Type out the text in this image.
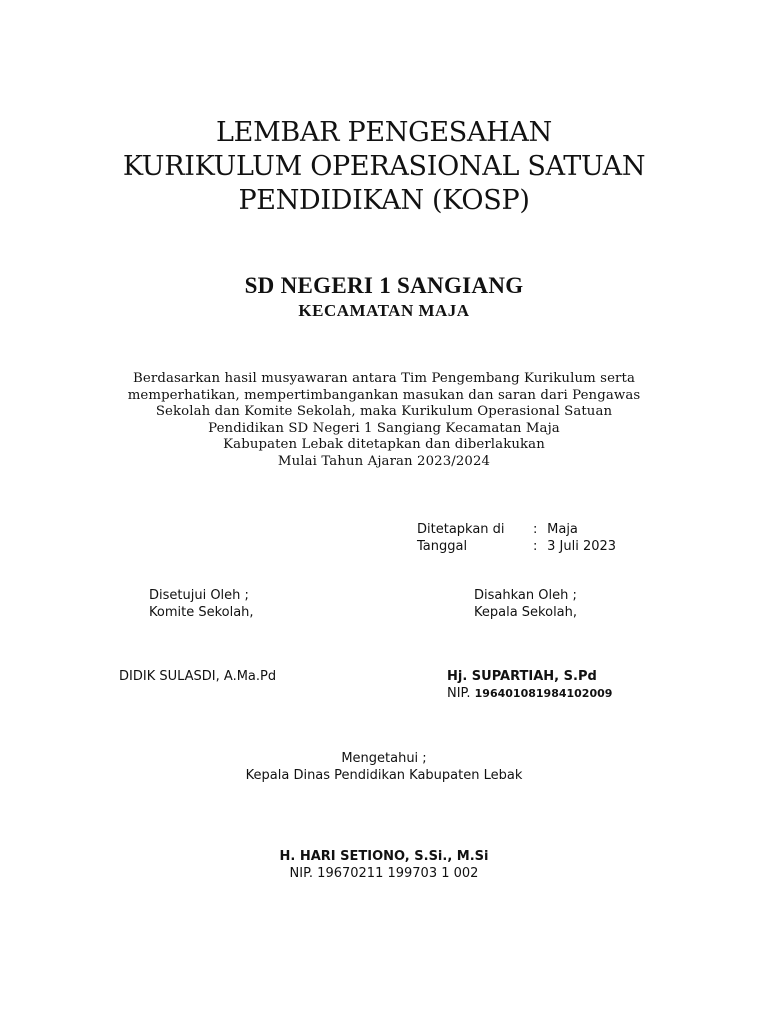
LEMBAR PENGESAHAN
KURIKULUM OPERASIONAL SATUAN
PENDIDIKAN (KOSP)
SD NEGERI 1 SANGIANG
KECAMATAN MAJA
Berdasarkan hasil musyawaran antara Tim Pengembang Kurikulum serta
memperhatikan, mempertimbangankan masukan dan saran dari Pengawas
Sekolah dan Komite Sekolah, maka Kurikulum Operasional Satuan
Pendidikan SD Negeri 1 Sangiang Kecamatan Maja
Kabupaten Lebak ditetapkan dan diberlakukan
Mulai Tahun Ajaran 2023/2024
Ditetapkan di : Maja
Tanggal	: 3 Juli 2023
Disetujui Oleh ;
Komite Sekolah,
DIDIK SULASDI, A.Ma.Pd
Disahkan Oleh ;
Kepala Sekolah,
Hj. SUPARTIAH, S.Pd
NIP. 196401081984102009
Mengetahui ;
Kepala Dinas Pendidikan Kabupaten Lebak
H. HARI SETIONO, S.Si., M.Si
NIP. 19670211 199703 1 002
